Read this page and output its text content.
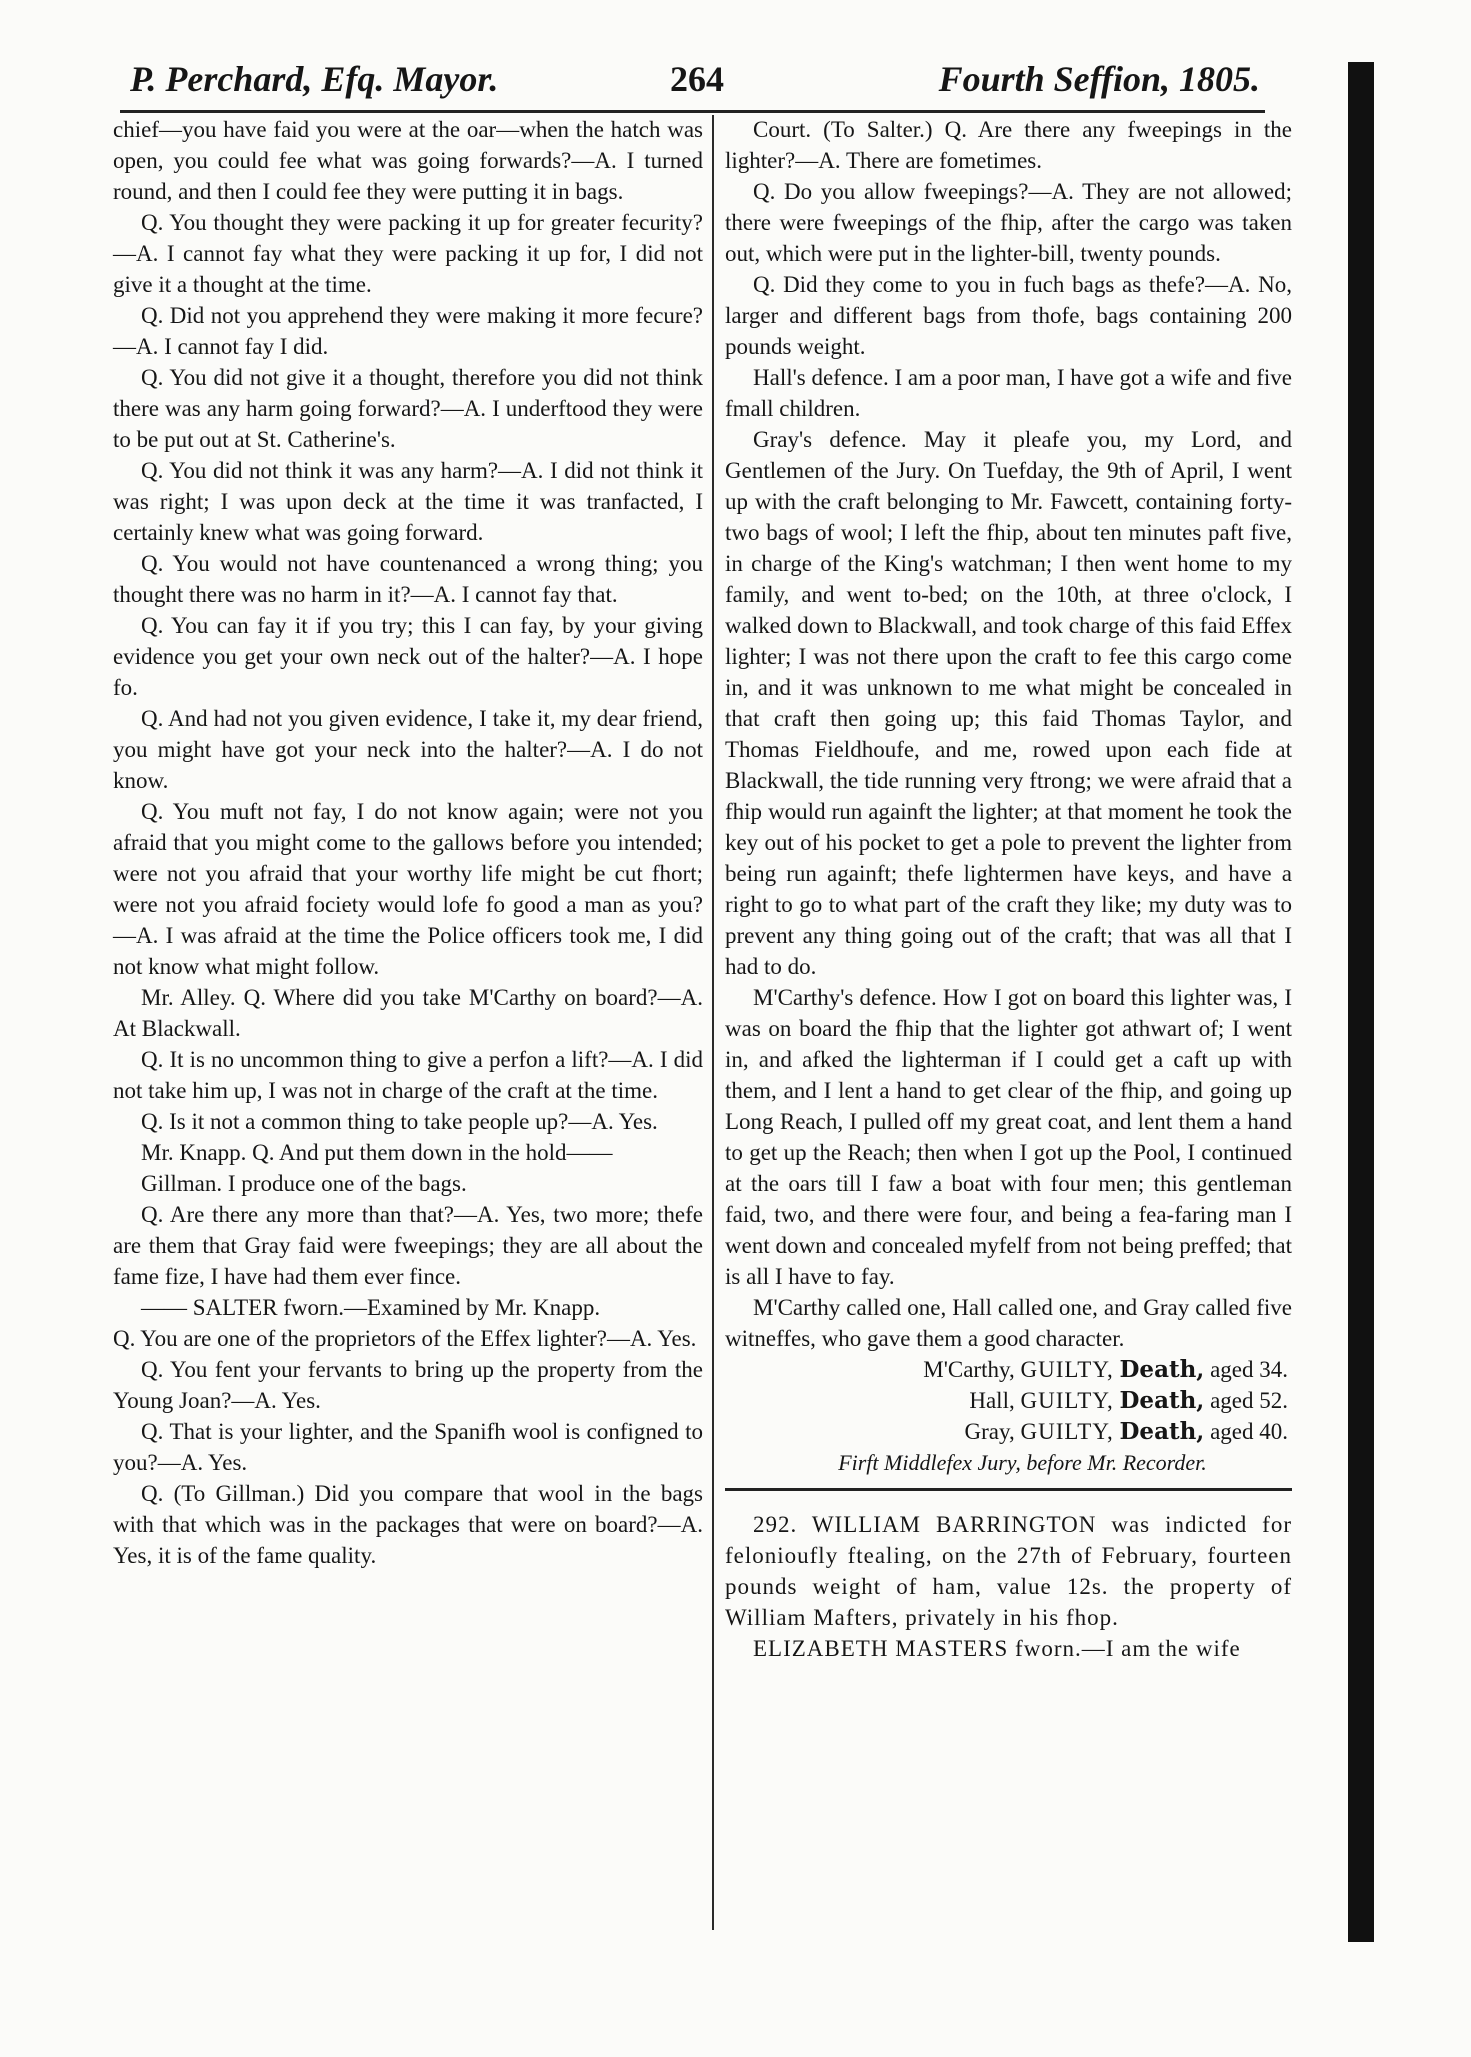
P. Perchard, Efq. Mayor.	264	Fourth Seffion, 1805.

chief—you have faid you were at the oar—when the hatch was open, you could fee what was going forwards?—A. I turned round, and then I could fee they were putting it in bags.

Q. You thought they were packing it up for greater fecurity?—A. I cannot fay what they were packing it up for, I did not give it a thought at the time.

Q. Did not you apprehend they were making it more fecure?—A. I cannot fay I did.

Q. You did not give it a thought, therefore you did not think there was any harm going forward?—A. I underftood they were to be put out at St. Catherine's.

Q. You did not think it was any harm?—A. I did not think it was right; I was upon deck at the time it was tranfacted, I certainly knew what was going forward.

Q. You would not have countenanced a wrong thing; you thought there was no harm in it?—A. I cannot fay that.

Q. You can fay it if you try; this I can fay, by your giving evidence you get your own neck out of the halter?—A. I hope fo.

Q. And had not you given evidence, I take it, my dear friend, you might have got your neck into the halter?—A. I do not know.

Q. You muft not fay, I do not know again; were not you afraid that you might come to the gallows before you intended; were not you afraid that your worthy life might be cut fhort; were not you afraid fociety would lofe fo good a man as you?—A. I was afraid at the time the Police officers took me, I did not know what might follow.

Mr. Alley. Q. Where did you take M'Carthy on board?—A. At Blackwall.

Q. It is no uncommon thing to give a perfon a lift?—A. I did not take him up, I was not in charge of the craft at the time.

Q. Is it not a common thing to take people up?—A. Yes.

Mr. Knapp. Q. And put them down in the hold——

Gillman. I produce one of the bags.

Q. Are there any more than that?—A. Yes, two more; thefe are them that Gray faid were fweepings; they are all about the fame fize, I have had them ever fince.

—— SALTER fworn.—Examined by Mr. Knapp.

Q. You are one of the proprietors of the Effex lighter?—A. Yes.

Q. You fent your fervants to bring up the property from the Young Joan?—A. Yes.

Q. That is your lighter, and the Spanifh wool is configned to you?—A. Yes.

Q. (To Gillman.) Did you compare that wool in the bags with that which was in the packages that were on board?—A. Yes, it is of the fame quality.

Court. (To Salter.) Q. Are there any fweepings in the lighter?—A. There are fometimes.

Q. Do you allow fweepings?—A. They are not allowed; there were fweepings of the fhip, after the cargo was taken out, which were put in the lighter-bill, twenty pounds.

Q. Did they come to you in fuch bags as thefe?—A. No, larger and different bags from thofe, bags containing 200 pounds weight.

Hall's defence. I am a poor man, I have got a wife and five fmall children.

Gray's defence. May it pleafe you, my Lord, and Gentlemen of the Jury. On Tuefday, the 9th of April, I went up with the craft belonging to Mr. Fawcett, containing forty-two bags of wool; I left the fhip, about ten minutes paft five, in charge of the King's watchman; I then went home to my family, and went to-bed; on the 10th, at three o'clock, I walked down to Blackwall, and took charge of this faid Effex lighter; I was not there upon the craft to fee this cargo come in, and it was unknown to me what might be concealed in that craft then going up; this faid Thomas Taylor, and Thomas Fieldhoufe, and me, rowed upon each fide at Blackwall, the tide running very ftrong; we were afraid that a fhip would run againft the lighter; at that moment he took the key out of his pocket to get a pole to prevent the lighter from being run againft; thefe lightermen have keys, and have a right to go to what part of the craft they like; my duty was to prevent any thing going out of the craft; that was all that I had to do.

M'Carthy's defence. How I got on board this lighter was, I was on board the fhip that the lighter got athwart of; I went in, and afked the lighterman if I could get a caft up with them, and I lent a hand to get clear of the fhip, and going up Long Reach, I pulled off my great coat, and lent them a hand to get up the Reach; then when I got up the Pool, I continued at the oars till I faw a boat with four men; this gentleman faid, two, and there were four, and being a fea-faring man I went down and concealed myfelf from not being preffed; that is all I have to fay.

M'Carthy called one, Hall called one, and Gray called five witneffes, who gave them a good character.

M'Carthy, GUILTY, Death, aged 34.

Hall, GUILTY, Death, aged 52.

Gray, GUILTY, Death, aged 40.

Firft Middlefex Jury, before Mr. Recorder.

292. WILLIAM BARRINGTON was indicted for felonioufly ftealing, on the 27th of February, fourteen pounds weight of ham, value 12s. the property of William Mafters, privately in his fhop.

ELIZABETH MASTERS fworn.—I am the wife
